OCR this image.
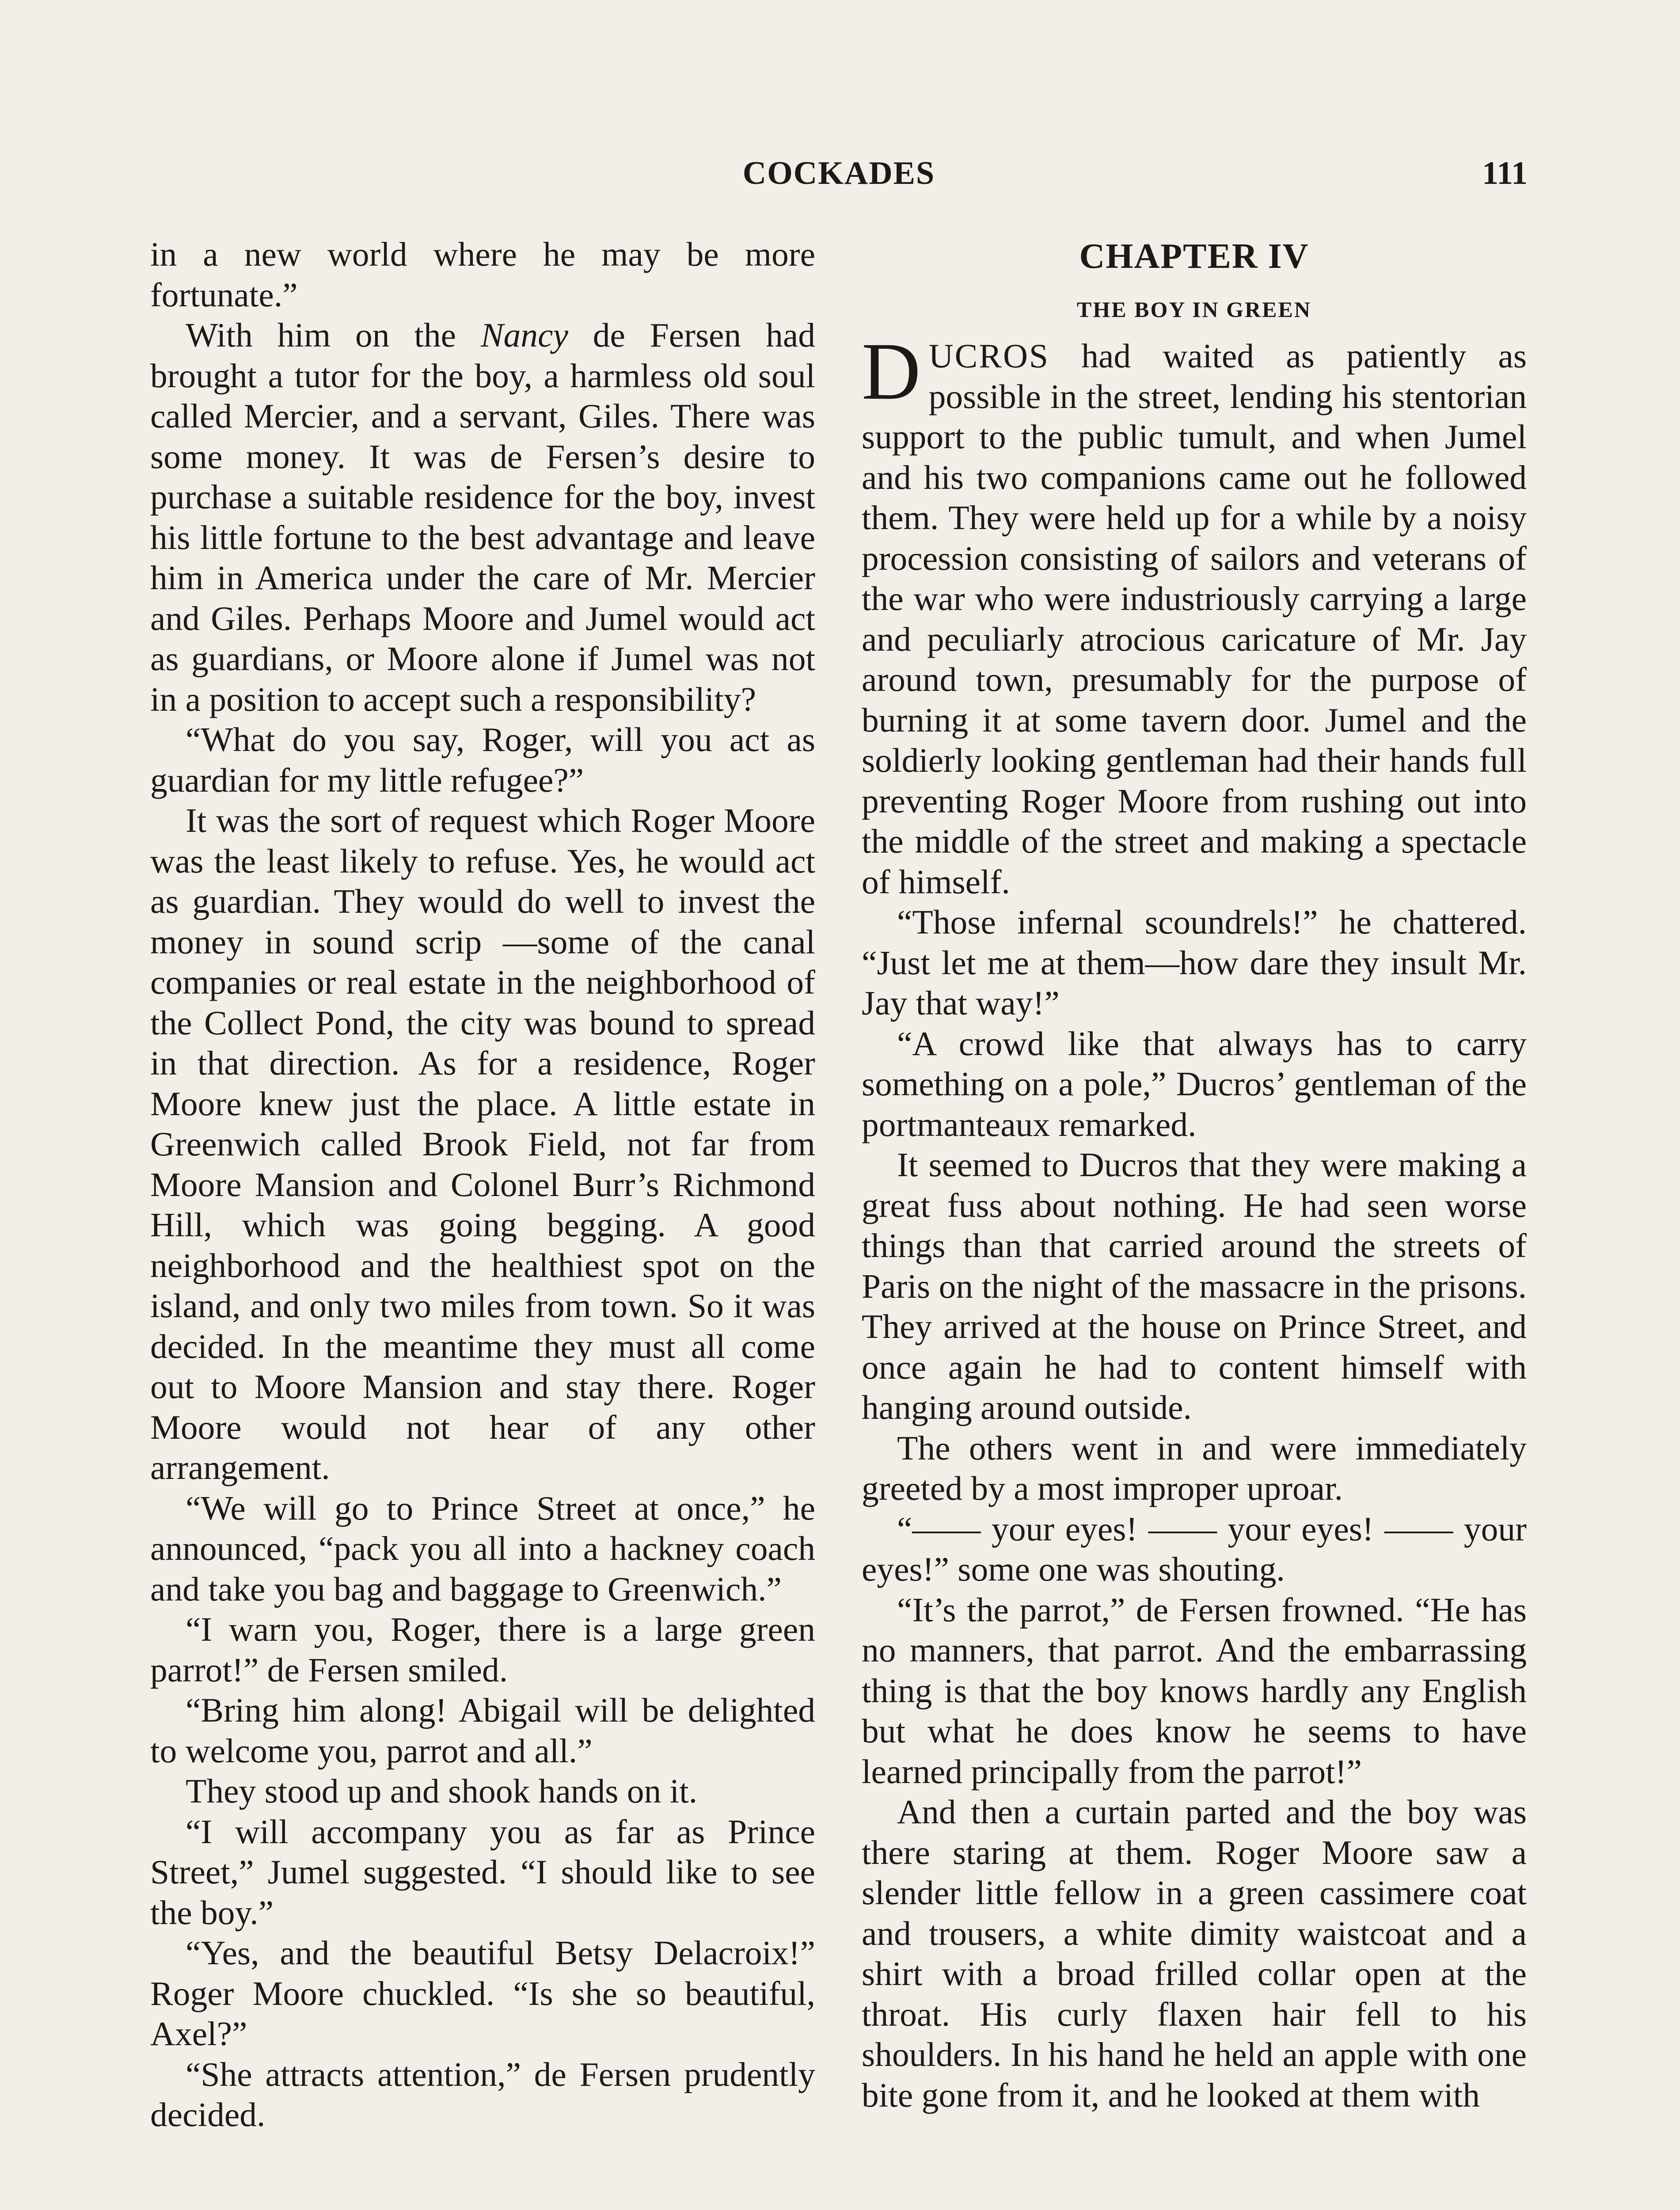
COCKADES	111

in a new world where he may be more fortunate.”

With him on the Nancy de Fersen had brought a tutor for the boy, a harmless old soul called Mercier, and a servant, Giles. There was some money. It was de Fersen’s desire to purchase a suitable residence for the boy, invest his little fortune to the best advantage and leave him in America under the care of Mr. Mercier and Giles. Perhaps Moore and Jumel would act as guardians, or Moore alone if Jumel was not in a position to accept such a responsibility?

“What do you say, Roger, will you act as guardian for my little refugee?”

It was the sort of request which Roger Moore was the least likely to refuse. Yes, he would act as guardian. They would do well to invest the money in sound scrip —some of the canal companies or real estate in the neighborhood of the Collect Pond, the city was bound to spread in that direction. As for a residence, Roger Moore knew just the place. A little estate in Greenwich called Brook Field, not far from Moore Mansion and Colonel Burr’s Richmond Hill, which was going begging. A good neighborhood and the healthiest spot on the island, and only two miles from town. So it was decided. In the meantime they must all come out to Moore Mansion and stay there. Roger Moore would not hear of any other arrangement.

“We will go to Prince Street at once,” he announced, “pack you all into a hackney coach and take you bag and baggage to Greenwich.”

“I warn you, Roger, there is a large green parrot!” de Fersen smiled.

“Bring him along! Abigail will be delighted to welcome you, parrot and all.”

They stood up and shook hands on it.

“I will accompany you as far as Prince Street,” Jumel suggested. “I should like to see the boy.”

“Yes, and the beautiful Betsy Delacroix!” Roger Moore chuckled. “Is she so beautiful, Axel?”

“She attracts attention,” de Fersen prudently decided.

CHAPTER IV
THE BOY IN GREEN

DUCROS had waited as patiently as possible in the street, lending his stentorian support to the public tumult, and when Jumel and his two companions came out he followed them. They were held up for a while by a noisy procession consisting of sailors and veterans of the war who were industriously carrying a large and peculiarly atrocious caricature of Mr. Jay around town, presumably for the purpose of burning it at some tavern door. Jumel and the soldierly looking gentleman had their hands full preventing Roger Moore from rushing out into the middle of the street and making a spectacle of himself.

“Those infernal scoundrels!” he chattered. “Just let me at them—how dare they insult Mr. Jay that way!”

“A crowd like that always has to carry something on a pole,” Ducros’ gentleman of the portmanteaux remarked.

It seemed to Ducros that they were making a great fuss about nothing. He had seen worse things than that carried around the streets of Paris on the night of the massacre in the prisons. They arrived at the house on Prince Street, and once again he had to content himself with hanging around outside.

The others went in and were immediately greeted by a most improper uproar.

“—— your eyes! —— your eyes! —— your eyes!” some one was shouting.

“It’s the parrot,” de Fersen frowned. “He has no manners, that parrot. And the embarrassing thing is that the boy knows hardly any English but what he does know he seems to have learned principally from the parrot!”

And then a curtain parted and the boy was there staring at them. Roger Moore saw a slender little fellow in a green cassimere coat and trousers, a white dimity waistcoat and a shirt with a broad frilled collar open at the throat. His curly flaxen hair fell to his shoulders. In his hand he held an apple with one bite gone from it, and he looked at them with
